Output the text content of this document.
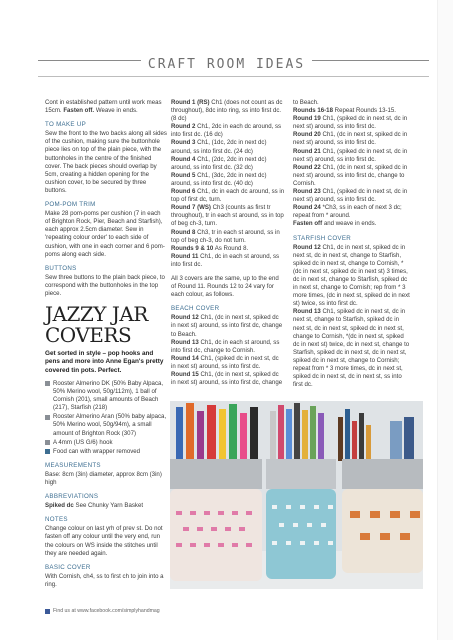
CRAFT ROOM IDEAS
Cont in established pattern until work meas 15cm. Fasten off. Weave in ends.
TO MAKE UP
Sew the front to the two backs along all sides of the cushion, making sure the buttonhole piece lies on top of the plain piece, with the buttonholes in the centre of the finished cover. The back pieces should overlap by 5cm, creating a hidden opening for the cushion cover, to be secured by three buttons.
POM-POM TRIM
Make 28 pom-poms per cushion (7 in each of Brighton Rock, Pier, Beach and Starfish), each approx 2.5cm diameter. Sew in 'repeating colour order' to each side of cushion, with one in each corner and 6 pom-poms along each side.
BUTTONS
Sew three buttons to the plain back piece, to correspond with the buttonholes in the top piece.
JAZZY JAR COVERS
Get sorted in style – pop hooks and pens and more into Anne Egan's pretty covered tin pots. Perfect.
Rooster Almerino DK (50% Baby Alpaca, 50% Merino wool, 50g/112m), 1 ball of Cornish (201), small amounts of Beach (217), Starfish (218)
Rooster Almerino Aran (50% baby alpaca, 50% Merino wool, 50g/94m), a small amount of Brighton Rock (307)
A 4mm (US G/6) hook
Food can with wrapper removed
MEASUREMENTS
Base: 8cm (3in) diameter, approx 8cm (3in) high
ABBREVIATIONS
Spiked dc See Chunky Yarn Basket
NOTES
Change colour on last yrh of prev st. Do not fasten off any colour until the very end, run the colours on WS inside the stitches until they are needed again.
BASIC COVER
With Cornish, ch4, ss to first ch to join into a ring.
Round 1 (RS) Ch1 (does not count as dc throughout), 8dc into ring, ss into first dc. (8 dc)
Round 2 Ch1, 2dc in each dc around, ss into first dc. (16 dc)
Round 3 Ch1, (1dc, 2dc in next dc) around, ss into first dc. (24 dc)
Round 4 Ch1, (2dc, 2dc in next dc) around, ss into first dc. (32 dc)
Round 5 Ch1, (3dc, 2dc in next dc) around, ss into first dc. (40 dc)
Round 6 Ch1, dc in each dc around, ss in top of first dc, turn.
Round 7 (WS) Ch3 (counts as first tr throughout), tr in each st around, ss in top of beg ch-3, turn.
Round 8 Ch3, tr in each st around, ss in top of beg ch-3, do not turn.
Rounds 9 & 10 As Round 8.
Round 11 Ch1, dc in each st around, ss into first dc.
All 3 covers are the same, up to the end of Round 11. Rounds 12 to 24 vary for each colour, as follows.
BEACH COVER
Round 12 Ch1, (dc in next st, spiked dc in next st) around, ss into first dc, change to Beach.
Round 13 Ch1, dc in each st around, ss into first dc, change to Cornish.
Round 14 Ch1, (spiked dc in next st, dc in next st) around, ss into first dc.
Round 15 Ch1, (dc in next st, spiked dc in next st) around, ss into first dc, change
to Beach.
Rounds 16-18 Repeat Rounds 13-15.
Round 19 Ch1, (spiked dc in next st, dc in next st) around, ss into first dc.
Round 20 Ch1, (dc in next st, spiked dc in next st) around, ss into first dc.
Round 21 Ch1, (spiked dc in next st, dc in next st) around, ss into first dc.
Round 22 Ch1, (dc in next st, spiked dc in next st) around, ss into first dc, change to Cornish.
Round 23 Ch1, (spiked dc in next st, dc in next st) around, ss into first dc.
Round 24 *Ch3, ss in each of next 3 dc; repeat from * around.
Fasten off and weave in ends.
STARFISH COVER
Round 12 Ch1, dc in next st, spiked dc in next st, dc in next st, change to Starfish, spiked dc in next st, change to Cornish, *(dc in next st, spiked dc in next st) 3 times, dc in next st, change to Starfish, spiked dc in next st, change to Cornish; rep from * 3 more times, (dc in next st, spiked dc in next st) twice, ss into first dc.
Round 13 Ch1, spiked dc in next st, dc in next st, change to Starfish, spiked dc in next st, dc in next st, spiked dc in next st, change to Cornish, *(dc in next st, spiked dc in next st) twice, dc in next st, change to Starfish, spiked dc in next st, dc in next st, spiked dc in next st, change to Cornish; repeat from * 3 more times, dc in next st, spiked dc in next st, dc in next st, ss into first dc.
Find us at www.facebook.com/simplyhandmag
